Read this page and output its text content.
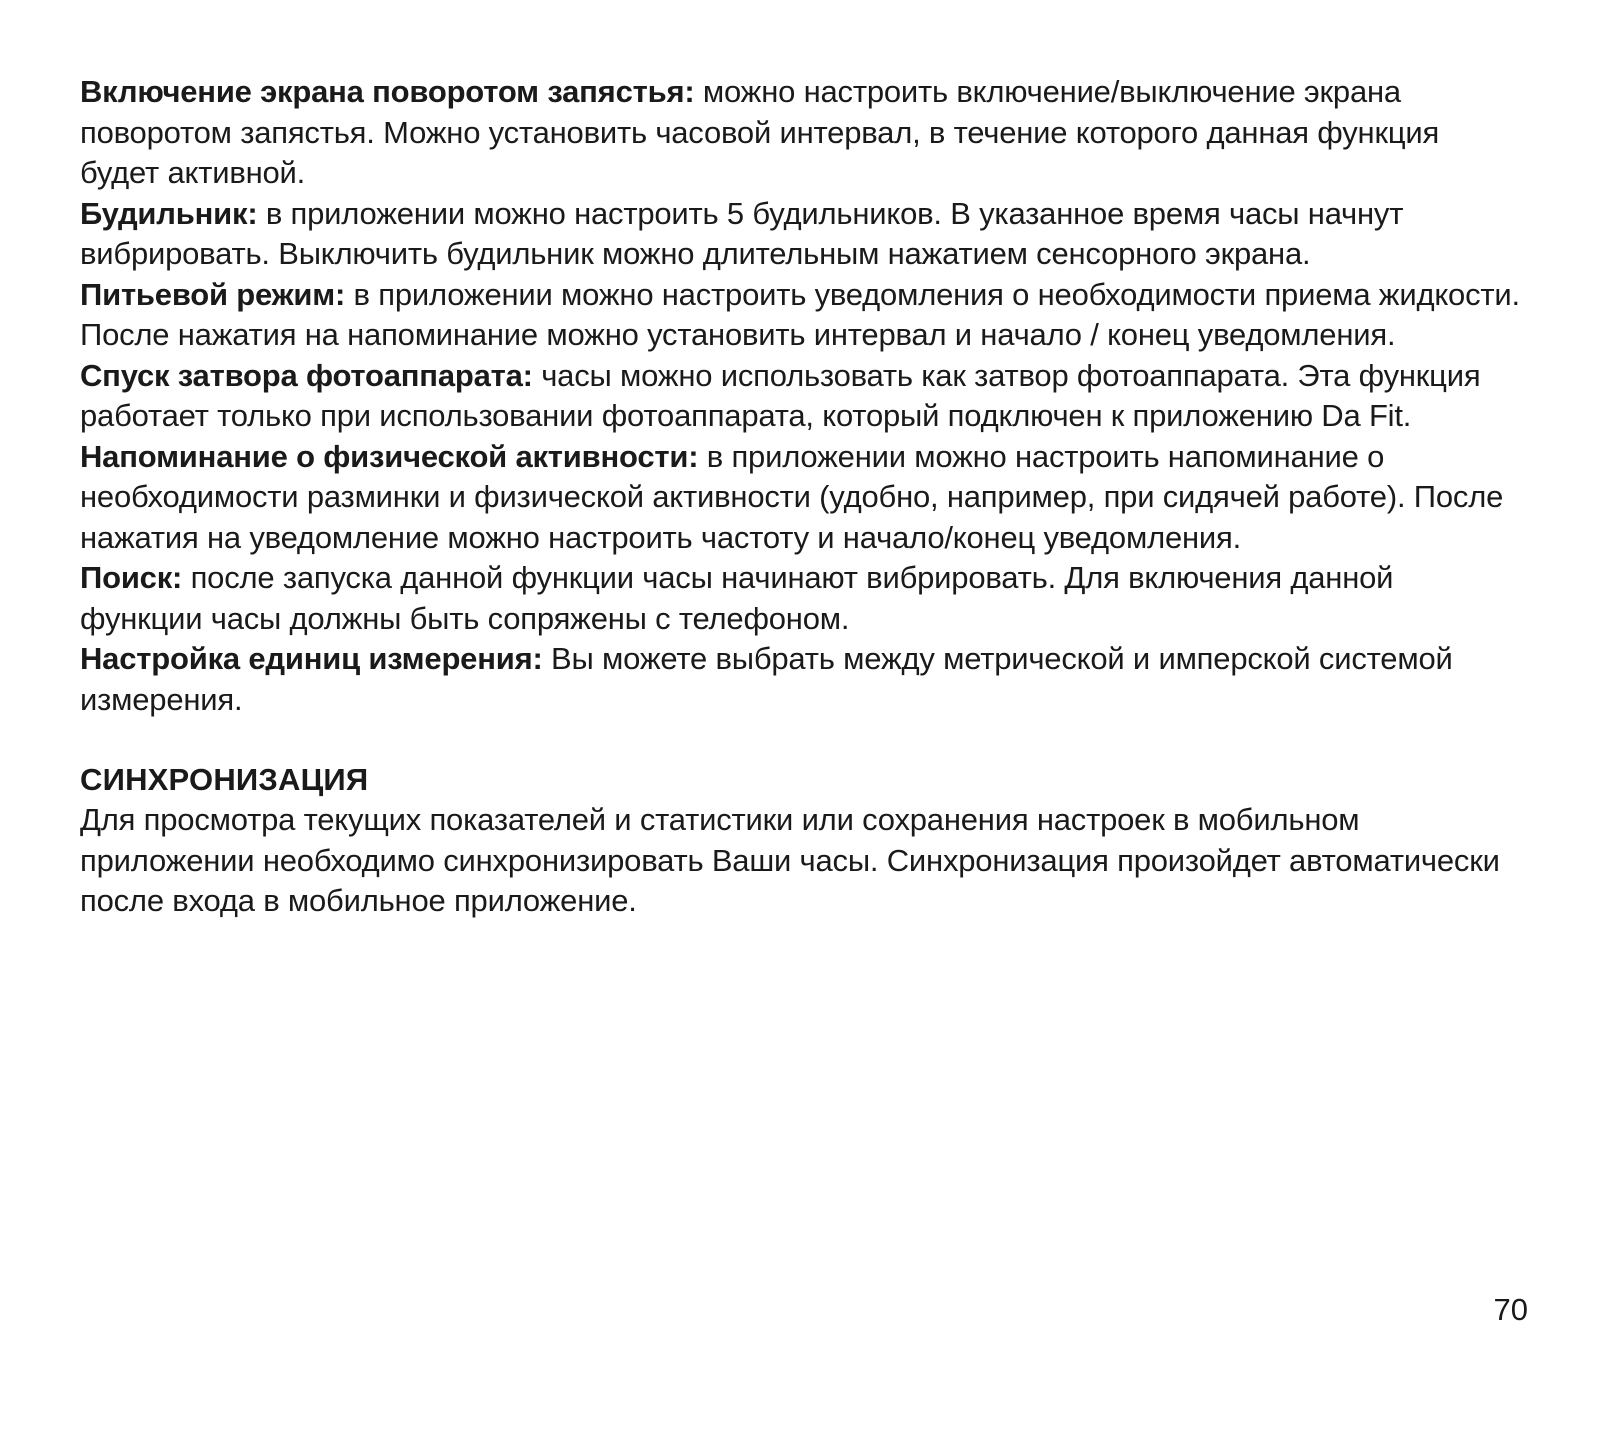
Включение экрана поворотом запястья: можно настроить включение/выключение экрана поворотом запястья. Можно установить часовой интервал, в течение которого данная функция будет активной.

Будильник: в приложении можно настроить 5 будильников. В указанное время часы начнут вибрировать. Выключить будильник можно длительным нажатием сенсорного экрана.

Питьевой режим: в приложении можно настроить уведомления о необходимости приема жидкости. После нажатия на напоминание можно установить интервал и начало / конец уведомления.

Спуск затвора фотоаппарата: часы можно использовать как затвор фотоаппарата. Эта функция работает только при использовании фотоаппарата, который подключен к приложению Da Fit.

Напоминание о физической активности: в приложении можно настроить напоминание о необходимости разминки и физической активности (удобно, например, при сидячей работе). После нажатия на уведомление можно настроить частоту и начало/конец уведомления.

Поиск: после запуска данной функции часы начинают вибрировать. Для включения данной функции часы должны быть сопряжены с телефоном.

Настройка единиц измерения: Вы можете выбрать между метрической и имперской системой измерения.

СИНХРОНИЗАЦИЯ

Для просмотра текущих показателей и статистики или сохранения настроек в мобильном приложении необходимо синхронизировать Ваши часы. Синхронизация произойдет автоматически после входа в мобильное приложение.

70
